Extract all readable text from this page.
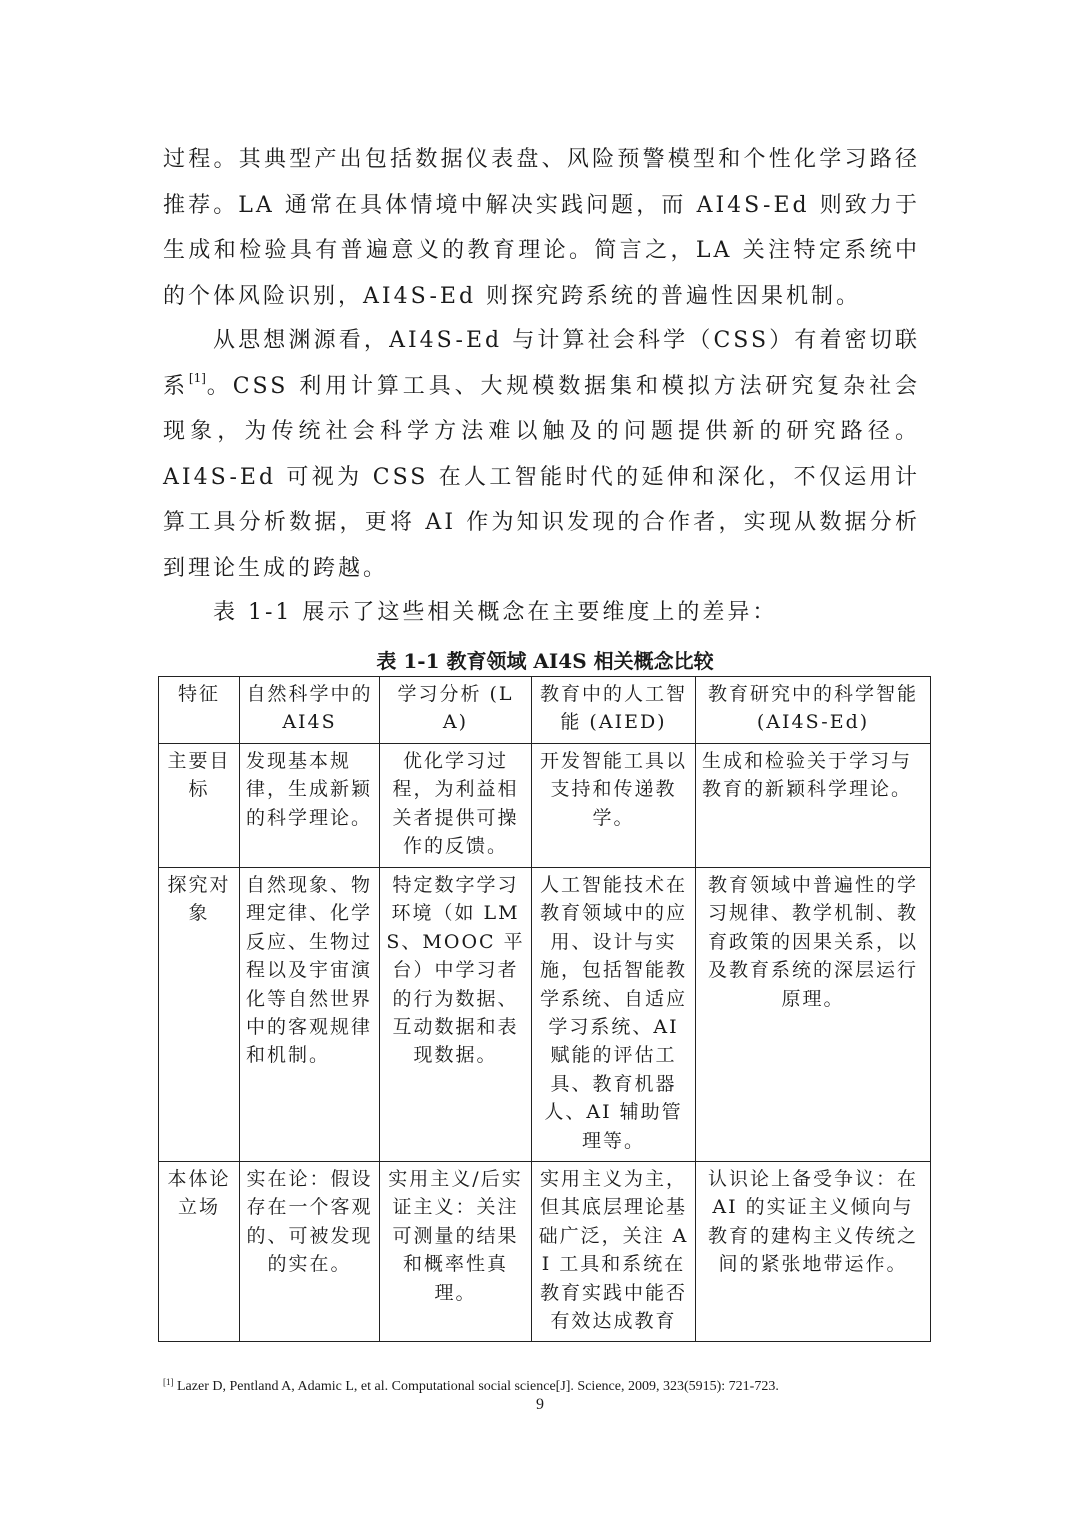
过程。其典型产出包括数据仪表盘、风险预警模型和个性化学习路径推荐。LA 通常在具体情境中解决实践问题，而 AI4S-Ed 则致力于生成和检验具有普遍意义的教育理论。简言之，LA 关注特定系统中的个体风险识别，AI4S-Ed 则探究跨系统的普遍性因果机制。

从思想渊源看，AI4S-Ed 与计算社会科学（CSS）有着密切联系[1]。CSS 利用计算工具、大规模数据集和模拟方法研究复杂社会现象，为传统社会科学方法难以触及的问题提供新的研究路径。AI4S-Ed 可视为 CSS 在人工智能时代的延伸和深化，不仅运用计算工具分析数据，更将 AI 作为知识发现的合作者，实现从数据分析到理论生成的跨越。

表 1-1 展示了这些相关概念在主要维度上的差异：

表 1-1 教育领域 AI4S 相关概念比较

特征	自然科学中的 AI4S	学习分析 (LA)	教育中的人工智能 (AIED)	教育研究中的科学智能 (AI4S-Ed)
主要目标	发现基本规律，生成新颖的科学理论。	优化学习过程，为利益相关者提供可操作的反馈。	开发智能工具以支持和传递教学。	生成和检验关于学习与教育的新颖科学理论。
探究对象	自然现象、物理定律、化学反应、生物过程以及宇宙演化等自然世界中的客观规律和机制。	特定数字学习环境（如 LMS、MOOC 平台）中学习者的行为数据、互动数据和表现数据。	人工智能技术在教育领域中的应用、设计与实施，包括智能教学系统、自适应学习系统、AI 赋能的评估工具、教育机器人、AI 辅助管理等。	教育领域中普遍性的学习规律、教学机制、教育政策的因果关系，以及教育系统的深层运行原理。
本体论立场	实在论：假设存在一个客观的、可被发现的实在。	实用主义/后实证主义：关注可测量的结果和概率性真理。	实用主义为主，但其底层理论基础广泛，关注 AI 工具和系统在教育实践中能否有效达成教育	认识论上备受争议：在 AI 的实证主义倾向与教育的建构主义传统之间的紧张地带运作。
[1] Lazer D, Pentland A, Adamic L, et al. Computational social science[J]. Science, 2009, 323(5915): 721-723.
9
